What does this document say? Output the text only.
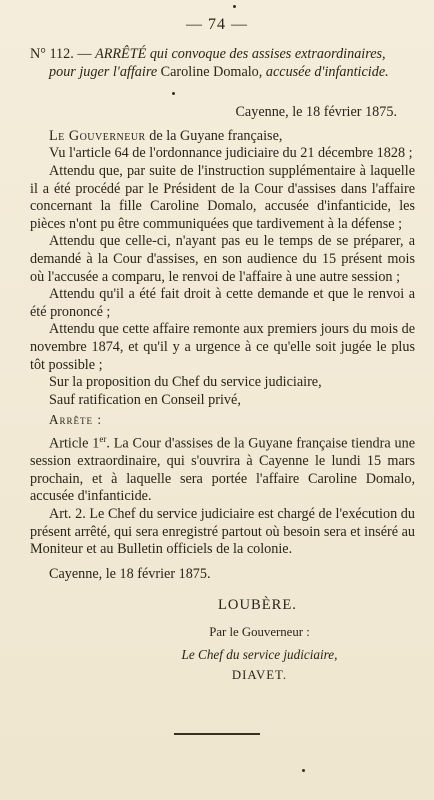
— 74 —

N° 112. — ARRÊTÉ qui convoque des assises extraordinaires,
pour juger l'affaire Caroline Domalo, accusée d'infanticide.

Cayenne, le 18 février 1875.

Le Gouverneur de la Guyane française,

Vu l'article 64 de l'ordonnance judiciaire du 21 décembre 1828 ;

Attendu que, par suite de l'instruction supplémentaire à laquelle il a été procédé par le Président de la Cour d'assises dans l'affaire concernant la fille Caroline Domalo, accusée d'infanticide, les pièces n'ont pu être communiquées que tardivement à la défense ;

Attendu que celle-ci, n'ayant pas eu le temps de se préparer, a demandé à la Cour d'assises, en son audience du 15 présent mois où l'accusée a comparu, le renvoi de l'affaire à une autre session ;

Attendu qu'il a été fait droit à cette demande et que le renvoi a été prononcé ;

Attendu que cette affaire remonte aux premiers jours du mois de novembre 1874, et qu'il y a urgence à ce qu'elle soit jugée le plus tôt possible ;

Sur la proposition du Chef du service judiciaire,

Sauf ratification en Conseil privé,

Arrête :

Article 1er. La Cour d'assises de la Guyane française tiendra une session extraordinaire, qui s'ouvrira à Cayenne le lundi 15 mars prochain, et à laquelle sera portée l'affaire Caroline Domalo, accusée d'infanticide.

Art. 2. Le Chef du service judiciaire est chargé de l'exécution du présent arrêté, qui sera enregistré partout où besoin sera et inséré au Moniteur et au Bulletin officiels de la colonie.

Cayenne, le 18 février 1875.

LOUBÈRE.

Par le Gouverneur :

Le Chef du service judiciaire,

DIAVET.
